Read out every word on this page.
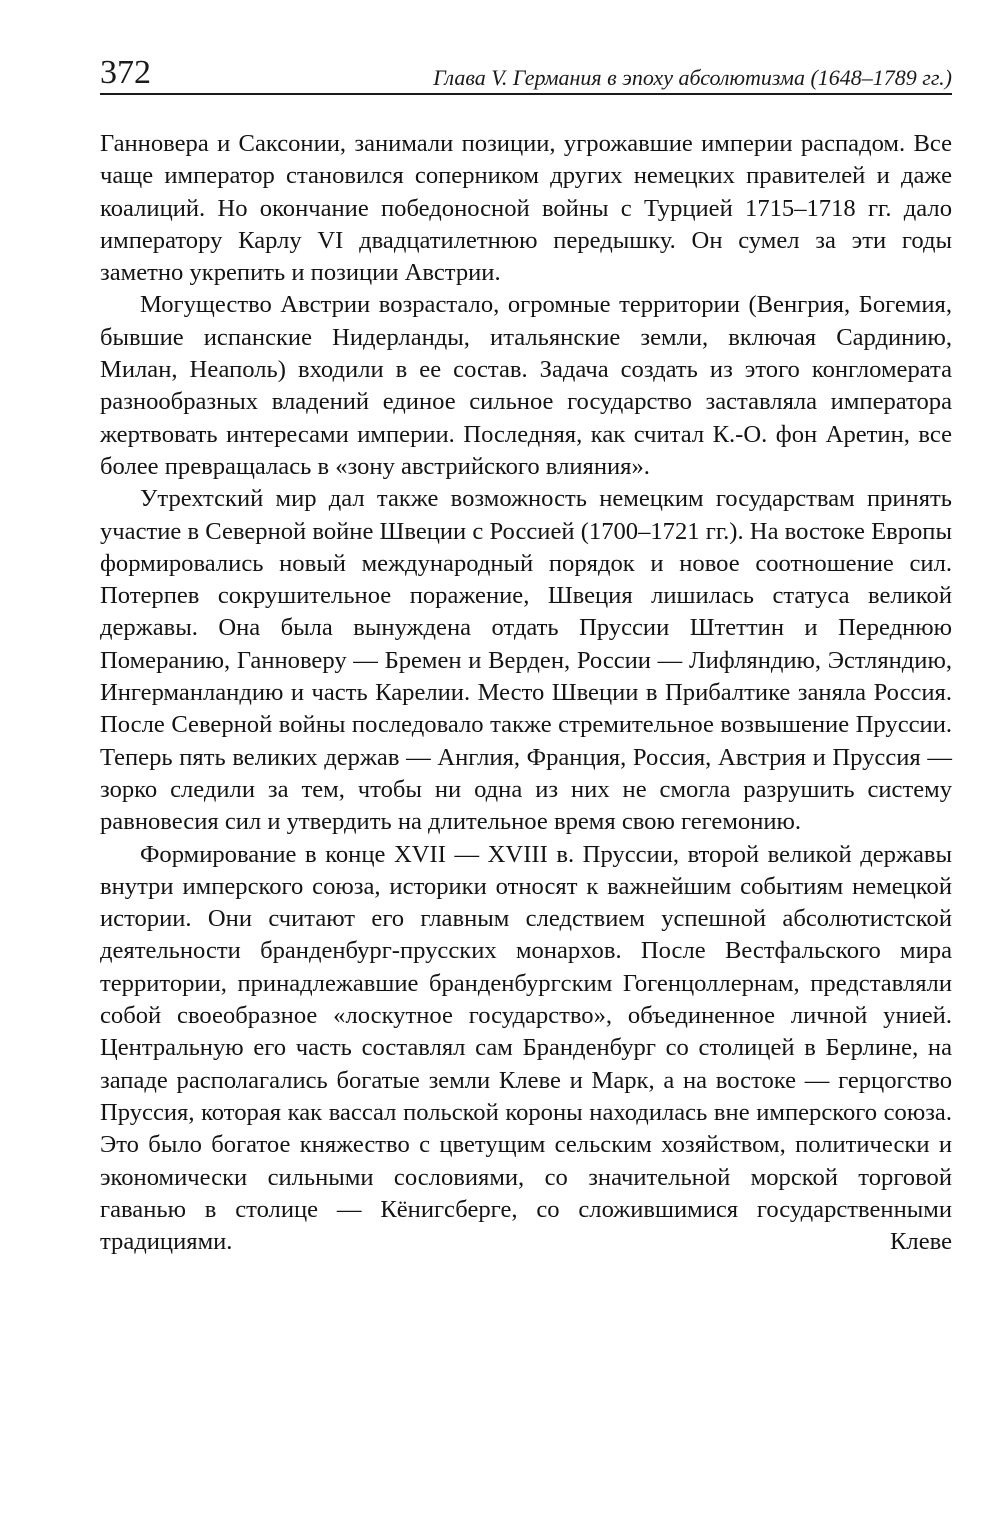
372	Глава V. Германия в эпоху абсолютизма (1648–1789 гг.)

Ганновера и Саксонии, занимали позиции, угрожавшие империи распадом. Все чаще император становился соперником других немецких правителей и даже коалиций. Но окончание победоносной войны с Турцией 1715–1718 гг. дало императору Карлу VI двадцатилетнюю передышку. Он сумел за эти годы заметно укрепить и позиции Австрии.

Могущество Австрии возрастало, огромные территории (Венгрия, Богемия, бывшие испанские Нидерланды, итальянские земли, включая Сардинию, Милан, Неаполь) входили в ее состав. Задача создать из этого конгломерата разнообразных владений единое сильное государство заставляла императора жертвовать интересами империи. Последняя, как считал К.-О. фон Аретин, все более превращалась в «зону австрийского влияния».

Утрехтский мир дал также возможность немецким государствам принять участие в Северной войне Швеции с Россией (1700–1721 гг.). На востоке Европы формировались новый международный порядок и новое соотношение сил. Потерпев сокрушительное поражение, Швеция лишилась статуса великой державы. Она была вынуждена отдать Пруссии Штеттин и Переднюю Померанию, Ганноверу — Бремен и Верден, России — Лифляндию, Эстляндию, Ингерманландию и часть Карелии. Место Швеции в Прибалтике заняла Россия. После Северной войны последовало также стремительное возвышение Пруссии. Теперь пять великих держав — Англия, Франция, Россия, Австрия и Пруссия — зорко следили за тем, чтобы ни одна из них не смогла разрушить систему равновесия сил и утвердить на длительное время свою гегемонию.

Формирование в конце XVII — XVIII в. Пруссии, второй великой державы внутри имперского союза, историки относят к важнейшим событиям немецкой истории. Они считают его главным следствием успешной абсолютистской деятельности бранденбург-прусских монархов. После Вестфальского мира территории, принадлежавшие бранденбургским Гогенцоллернам, представляли собой своеобразное «лоскутное государство», объединенное личной унией. Центральную его часть составлял сам Бранденбург со столицей в Берлине, на западе располагались богатые земли Клеве и Марк, а на востоке — герцогство Пруссия, которая как вассал польской короны находилась вне имперского союза. Это было богатое княжество с цветущим сельским хозяйством, политически и экономически сильными сословиями, со значительной морской торговой гаванью в столице — Кёнигсберге, со сложившимися государственными традициями. Клеве
